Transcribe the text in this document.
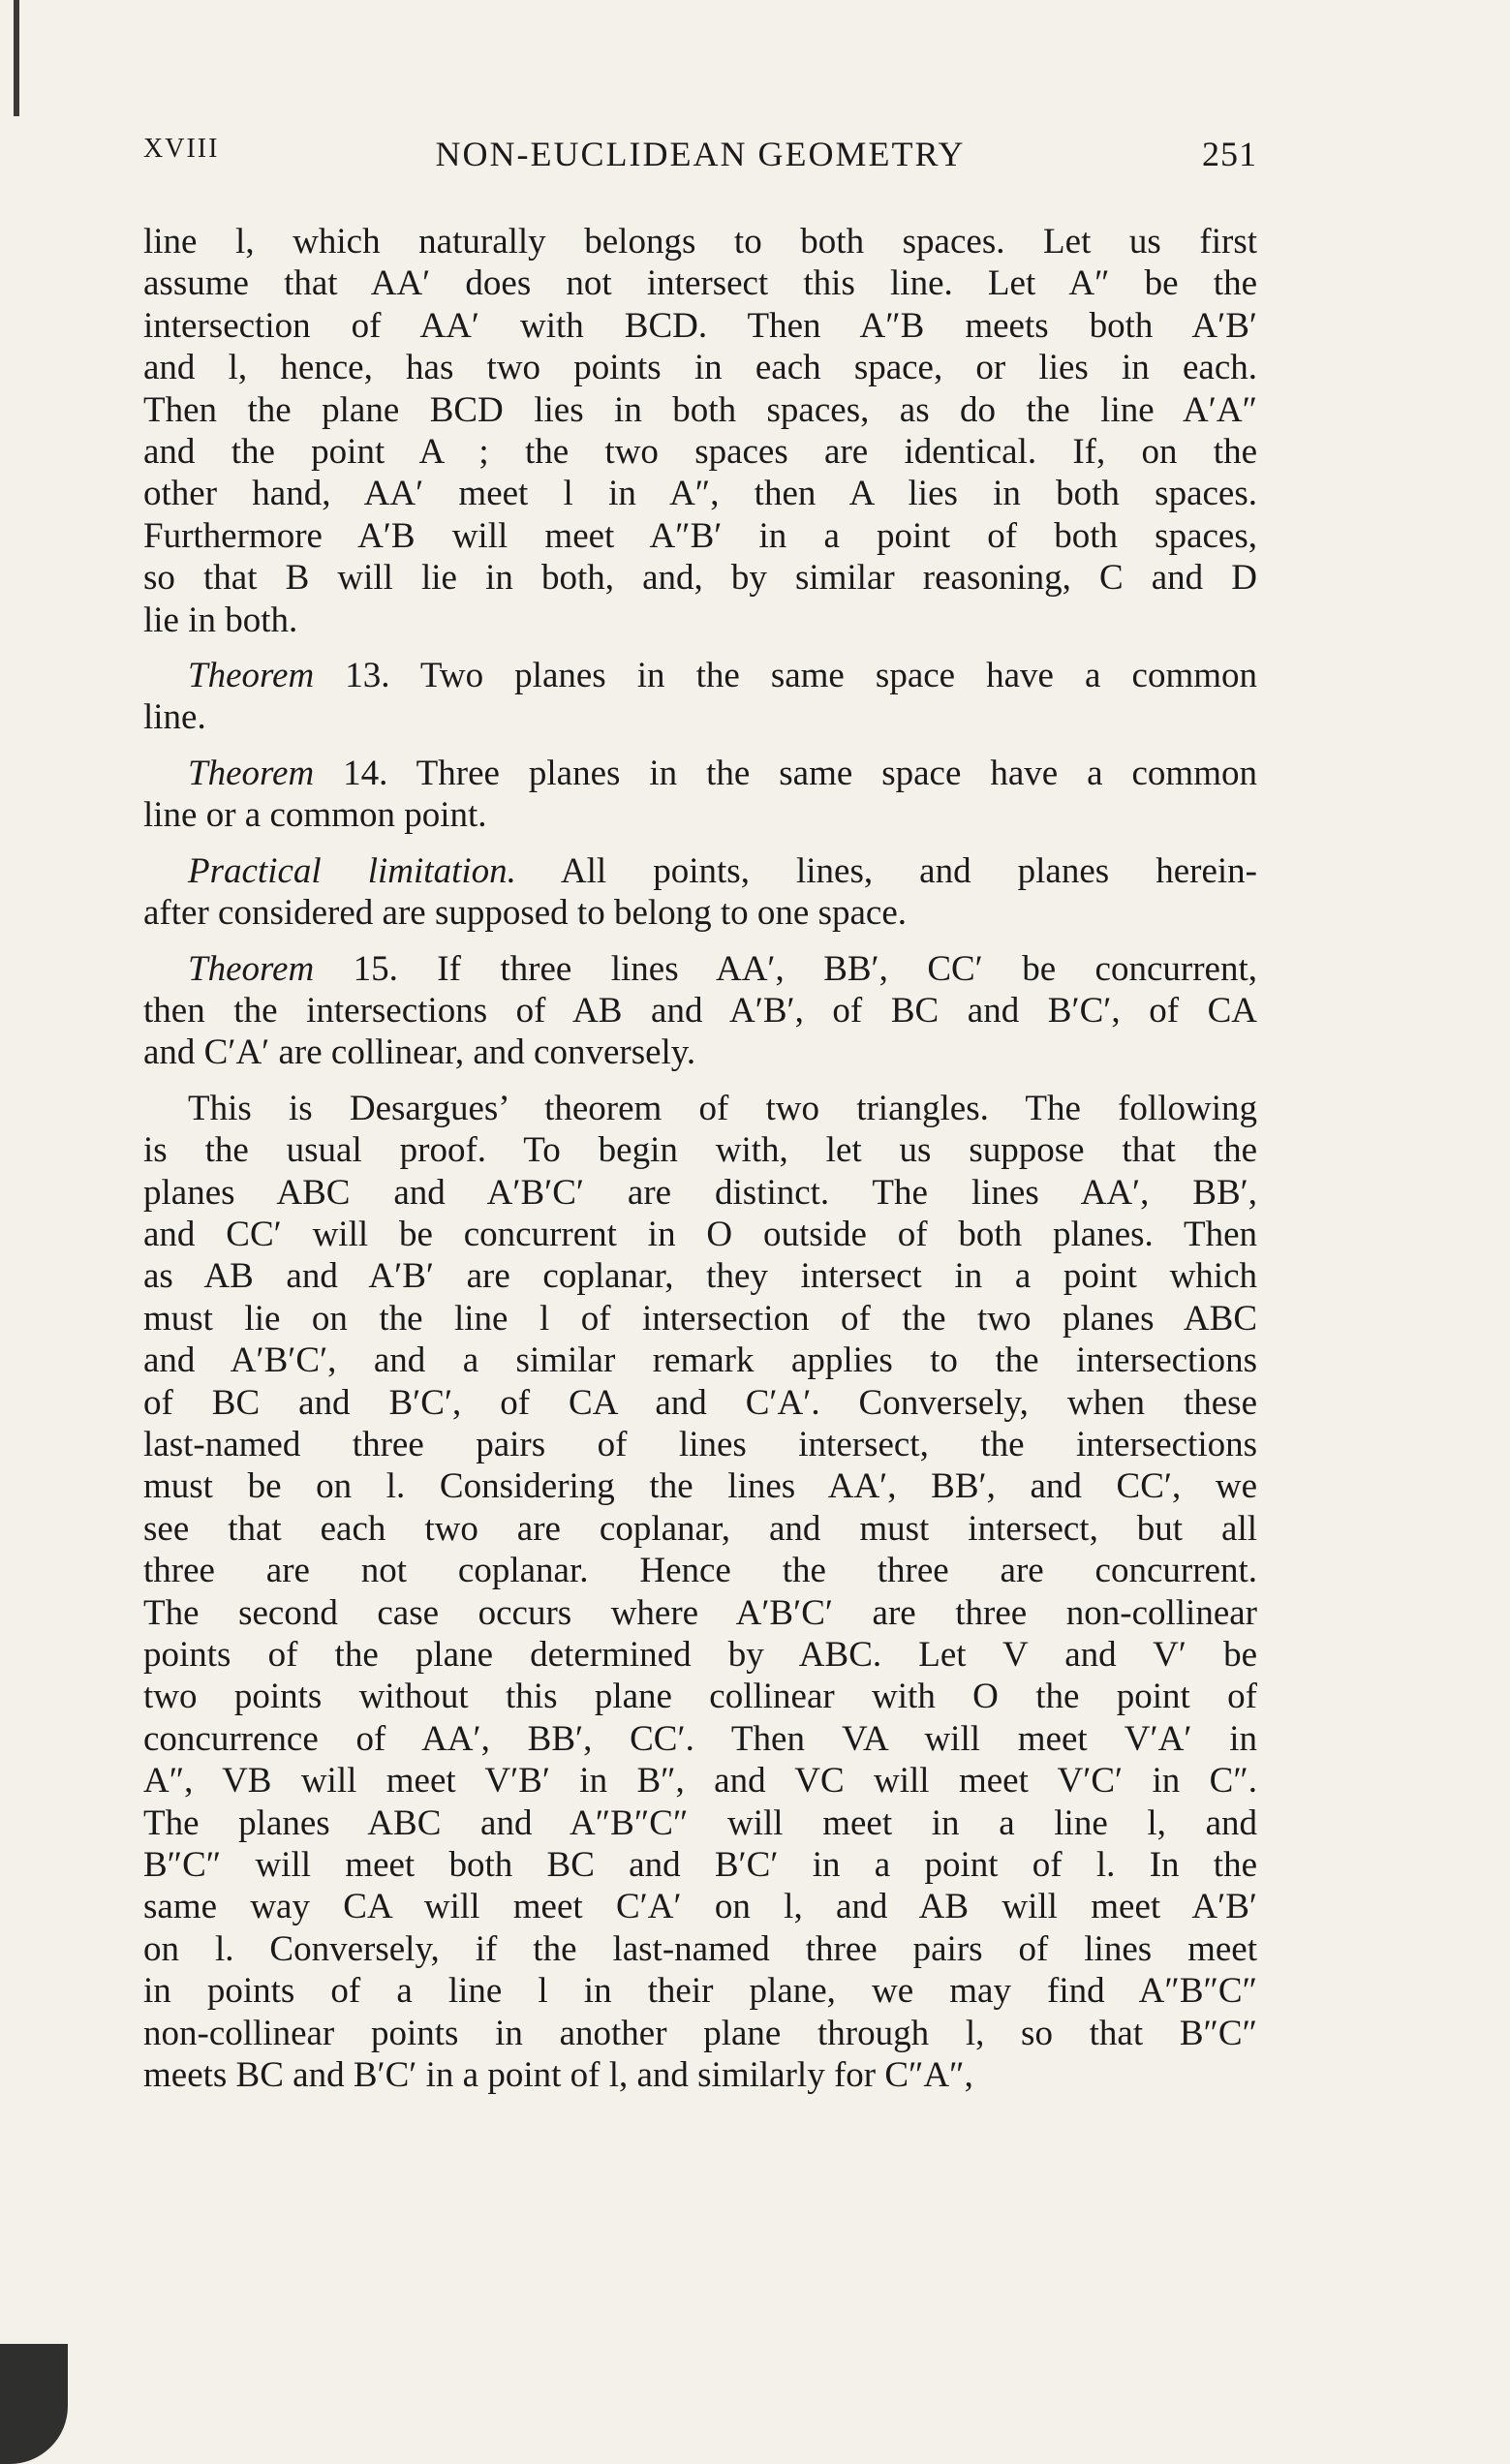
XVIII	NON-EUCLIDEAN GEOMETRY	251

line l, which naturally belongs to both spaces. Let us first
assume that AA′ does not intersect this line. Let A″ be the
intersection of AA′ with BCD. Then A″B meets both A′B′
and l, hence, has two points in each space, or lies in each.
Then the plane BCD lies in both spaces, as do the line A′A″
and the point A ; the two spaces are identical. If, on the
other hand, AA′ meet l in A″, then A lies in both spaces.
Furthermore A′B will meet A″B′ in a point of both spaces,
so that B will lie in both, and, by similar reasoning, C and D
lie in both.

Theorem 13. Two planes in the same space have a common
line.

Theorem 14. Three planes in the same space have a common
line or a common point.

Practical limitation. All points, lines, and planes herein-
after considered are supposed to belong to one space.

Theorem 15. If three lines AA′, BB′, CC′ be concurrent,
then the intersections of AB and A′B′, of BC and B′C′, of CA
and C′A′ are collinear, and conversely.

This is Desargues’ theorem of two triangles. The following
is the usual proof. To begin with, let us suppose that the
planes ABC and A′B′C′ are distinct. The lines AA′, BB′,
and CC′ will be concurrent in O outside of both planes. Then
as AB and A′B′ are coplanar, they intersect in a point which
must lie on the line l of intersection of the two planes ABC
and A′B′C′, and a similar remark applies to the intersections
of BC and B′C′, of CA and C′A′. Conversely, when these
last-named three pairs of lines intersect, the intersections
must be on l. Considering the lines AA′, BB′, and CC′, we
see that each two are coplanar, and must intersect, but all
three are not coplanar. Hence the three are concurrent.
The second case occurs where A′B′C′ are three non-collinear
points of the plane determined by ABC. Let V and V′ be
two points without this plane collinear with O the point of
concurrence of AA′, BB′, CC′. Then VA will meet V′A′ in
A″, VB will meet V′B′ in B″, and VC will meet V′C′ in C″.
The planes ABC and A″B″C″ will meet in a line l, and
B″C″ will meet both BC and B′C′ in a point of l. In the
same way CA will meet C′A′ on l, and AB will meet A′B′
on l. Conversely, if the last-named three pairs of lines meet
in points of a line l in their plane, we may find A″B″C″
non-collinear points in another plane through l, so that B″C″
meets BC and B′C′ in a point of l, and similarly for C″A″,
